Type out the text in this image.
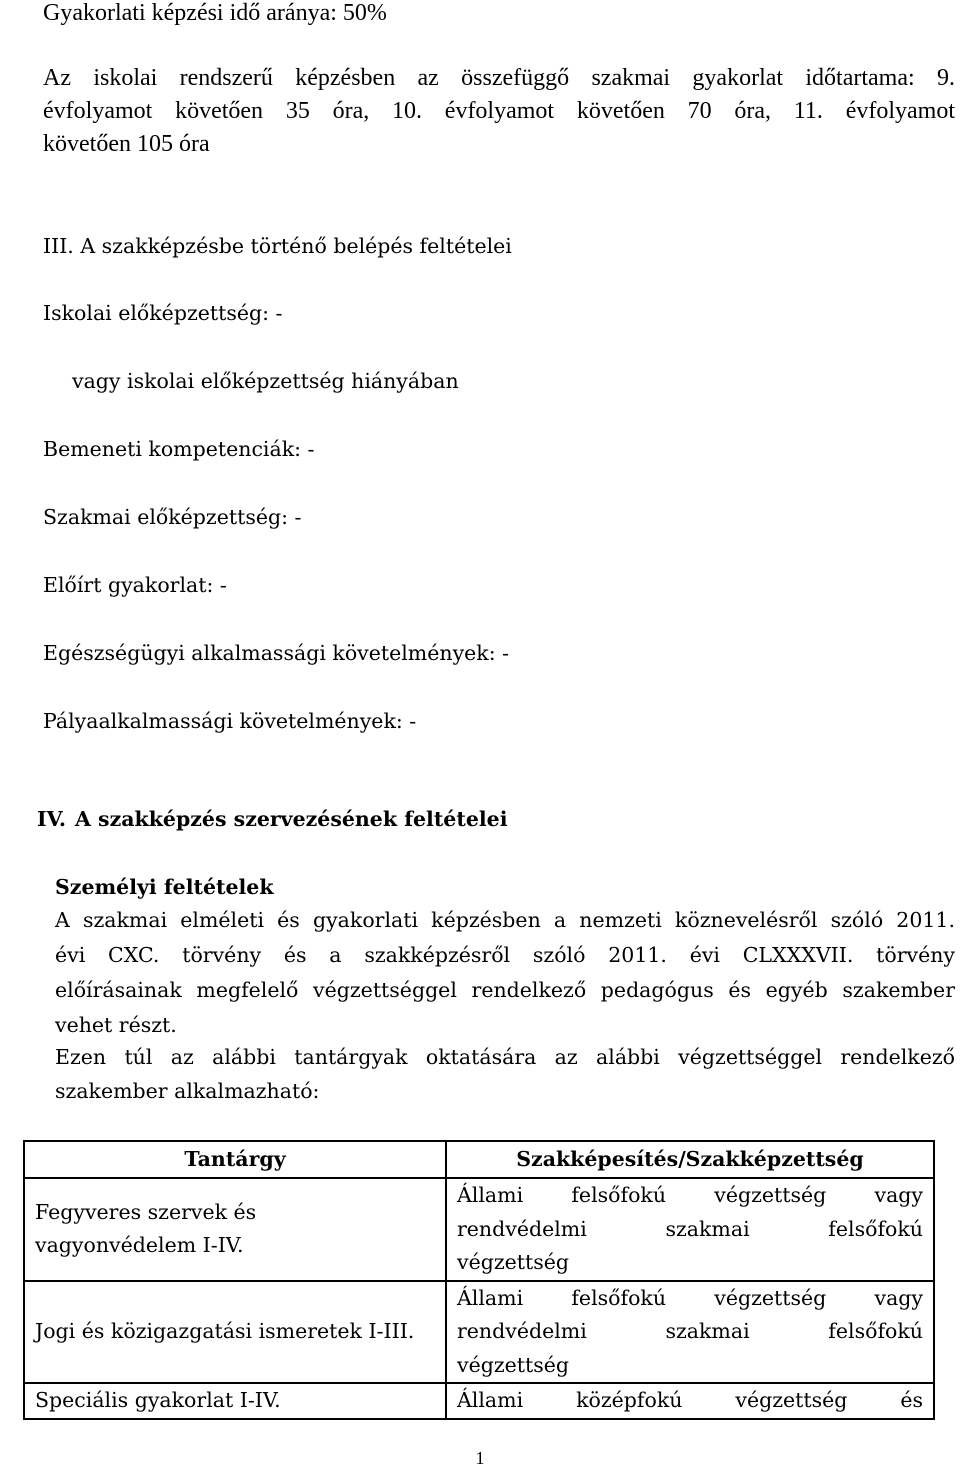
Gyakorlati képzési idő aránya: 50%
Az iskolai rendszerű képzésben az összefüggő szakmai gyakorlat időtartama: 9.
évfolyamot követően 35 óra, 10. évfolyamot követően 70 óra, 11. évfolyamot
követően 105 óra
III. A szakképzésbe történő belépés feltételei
Iskolai előképzettség: -
vagy iskolai előképzettség hiányában
Bemeneti kompetenciák: -
Szakmai előképzettség: -
Előírt gyakorlat: -
Egészségügyi alkalmassági követelmények: -
Pályaalkalmassági követelmények: -
IV. A szakképzés szervezésének feltételei
Személyi feltételek
A szakmai elméleti és gyakorlati képzésben a nemzeti köznevelésről szóló 2011.
évi CXC. törvény és a szakképzésről szóló 2011. évi CLXXXVII. törvény
előírásainak megfelelő végzettséggel rendelkező pedagógus és egyéb szakember
vehet részt.
Ezen túl az alábbi tantárgyak oktatására az alábbi végzettséggel rendelkező
szakember alkalmazható:
Tantárgy	Szakképesítés/Szakképzettség

Fegyveres szervek és
vagyonvédelem I-IV.	Állami felsőfokú végzettség vagy
rendvédelmi szakmai felsőfokú
végzettség

Jogi és közigazgatási ismeretek I-III.	Állami felsőfokú végzettség vagy
rendvédelmi szakmai felsőfokú
végzettség

Speciális gyakorlat I-IV.	Állami középfokú végzettség és
1
